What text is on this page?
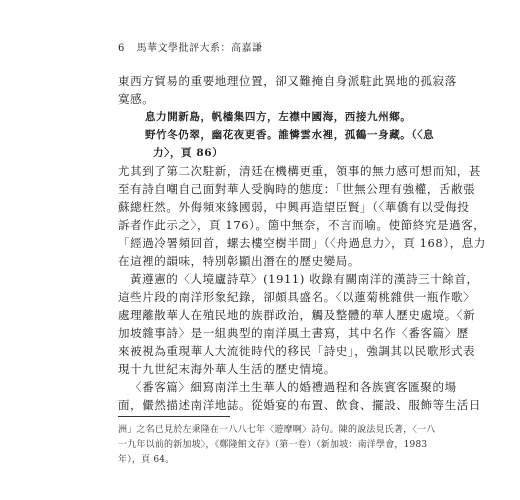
6 馬華文學批評大系：高嘉謙
東西方貿易的重要地理位置，卻又難掩自身派駐此異地的孤寂落
寞感。
息力開新島，帆檣集四方，左襟中國海，西接九州鄉。
野竹冬仍翠，幽花夜更香。誰憐雲水裡，孤鶴一身藏。（〈息
力〉，頁 86）
尤其到了第二次駐新，清廷在機構更重，領事的無力感可想而知，甚
至有詩自嘲自己面對華人受胸時的態度：「世無公理有強權，舌敝張
蘇總枉然。外侮頻來緣國弱，中興再造望臣賢」（〈華僑有以受侮投
訴者作此示之〉，頁 176）。箇中無奈，不言而喻。使節終究是過客，
「經過冷署頻回首，螺去樓空樹半間」（〈舟過息力〉，頁 168），息力
在這裡的韻味，特別彰顯出潛在的歷史變局。
黃遵憲的〈人境廬詩草〉(1911) 收錄有關南洋的漢詩三十餘首，
這些片段的南洋形象紀錄，卻頗具盛名。〈以蓮菊桃雜供一瓶作歌〉
處理離散華人在殖民地的族群政治，觸及整體的華人歷史處境。〈新
加坡雜事詩〉是一組典型的南洋風土書寫，其中名作〈番客篇〉歷
來被視為重現華人大流徙時代的移民「詩史」，強調其以民歌形式表
現十九世紀末海外華人生活的歷史情境。
〈番客篇〉細寫南洋土生華人的婚禮過程和各族賓客匯聚的場
面，儼然描述南洋地誌。從婚宴的布置、飲食、擺設、服飾等生活日
洲」之名已見於左秉隆在一八八七年〈遊摩啊〉詩句。陳的說法見氏著，〈一八
一九年以前的新加坡〉，《鄭隆館文存》（第一卷）（新加坡：南洋學會，1983
年），頁 64。
